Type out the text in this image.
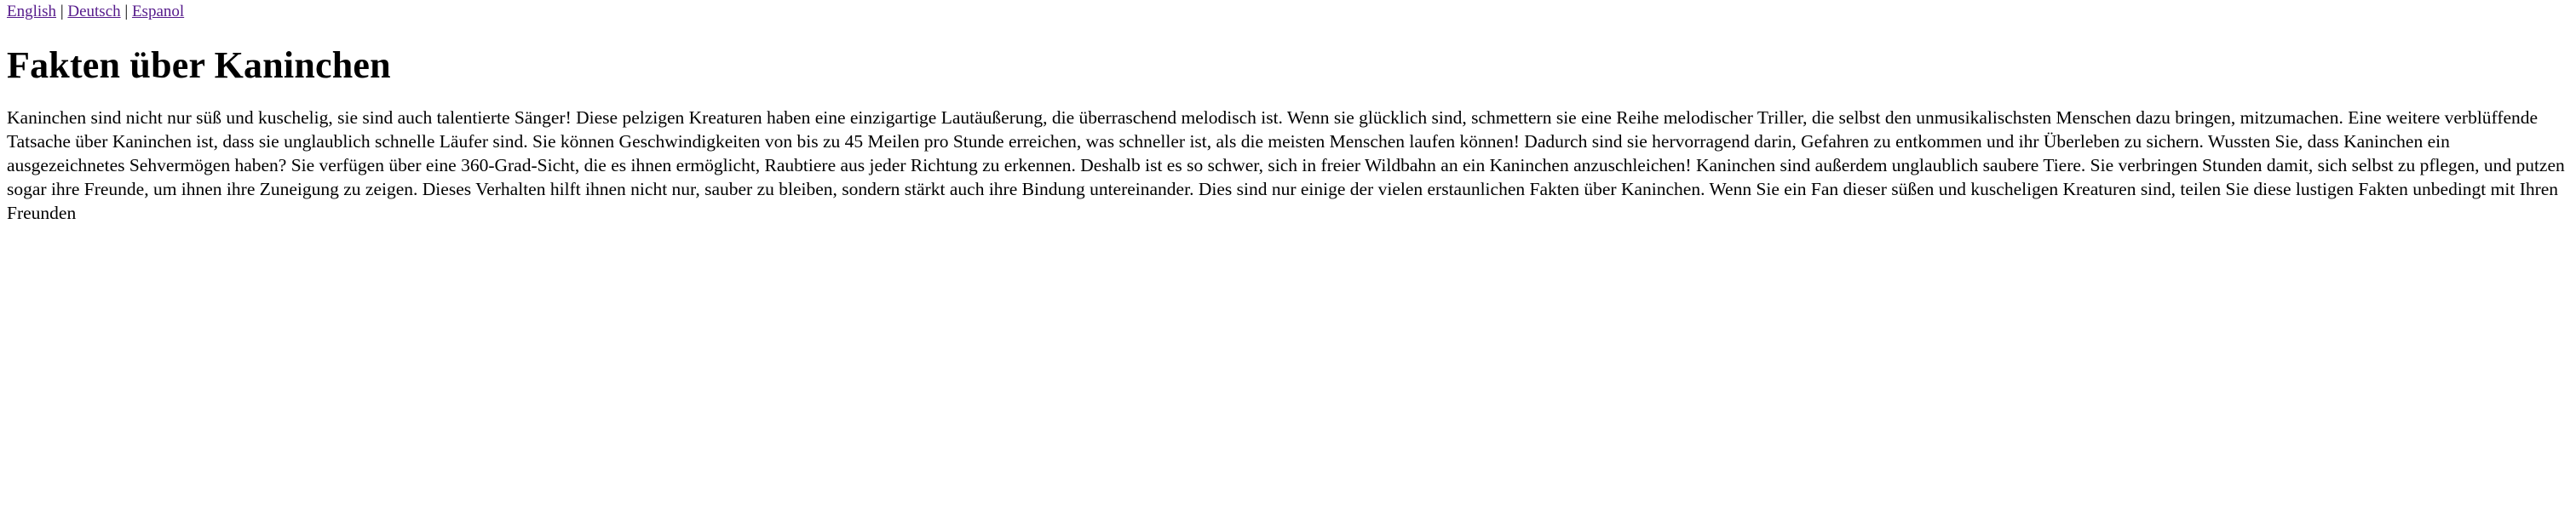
English | Deutsch | Espanol
Fakten über Kaninchen

Kaninchen sind nicht nur süß und kuschelig, sie sind auch talentierte Sänger! Diese pelzigen Kreaturen haben eine einzigartige Lautäußerung, die überraschend melodisch ist. Wenn sie glücklich sind, schmettern sie eine Reihe melodischer Triller, die selbst den unmusikalischsten Menschen dazu bringen, mitzumachen. Eine weitere verblüffende Tatsache über Kaninchen ist, dass sie unglaublich schnelle Läufer sind. Sie können Geschwindigkeiten von bis zu 45 Meilen pro Stunde erreichen, was schneller ist, als die meisten Menschen laufen können! Dadurch sind sie hervorragend darin, Gefahren zu entkommen und ihr Überleben zu sichern. Wussten Sie, dass Kaninchen ein ausgezeichnetes Sehvermögen haben? Sie verfügen über eine 360-Grad-Sicht, die es ihnen ermöglicht, Raubtiere aus jeder Richtung zu erkennen. Deshalb ist es so schwer, sich in freier Wildbahn an ein Kaninchen anzuschleichen! Kaninchen sind außerdem unglaublich saubere Tiere. Sie verbringen Stunden damit, sich selbst zu pflegen, und putzen sogar ihre Freunde, um ihnen ihre Zuneigung zu zeigen. Dieses Verhalten hilft ihnen nicht nur, sauber zu bleiben, sondern stärkt auch ihre Bindung untereinander. Dies sind nur einige der vielen erstaunlichen Fakten über Kaninchen. Wenn Sie ein Fan dieser süßen und kuscheligen Kreaturen sind, teilen Sie diese lustigen Fakten unbedingt mit Ihren Freunden
